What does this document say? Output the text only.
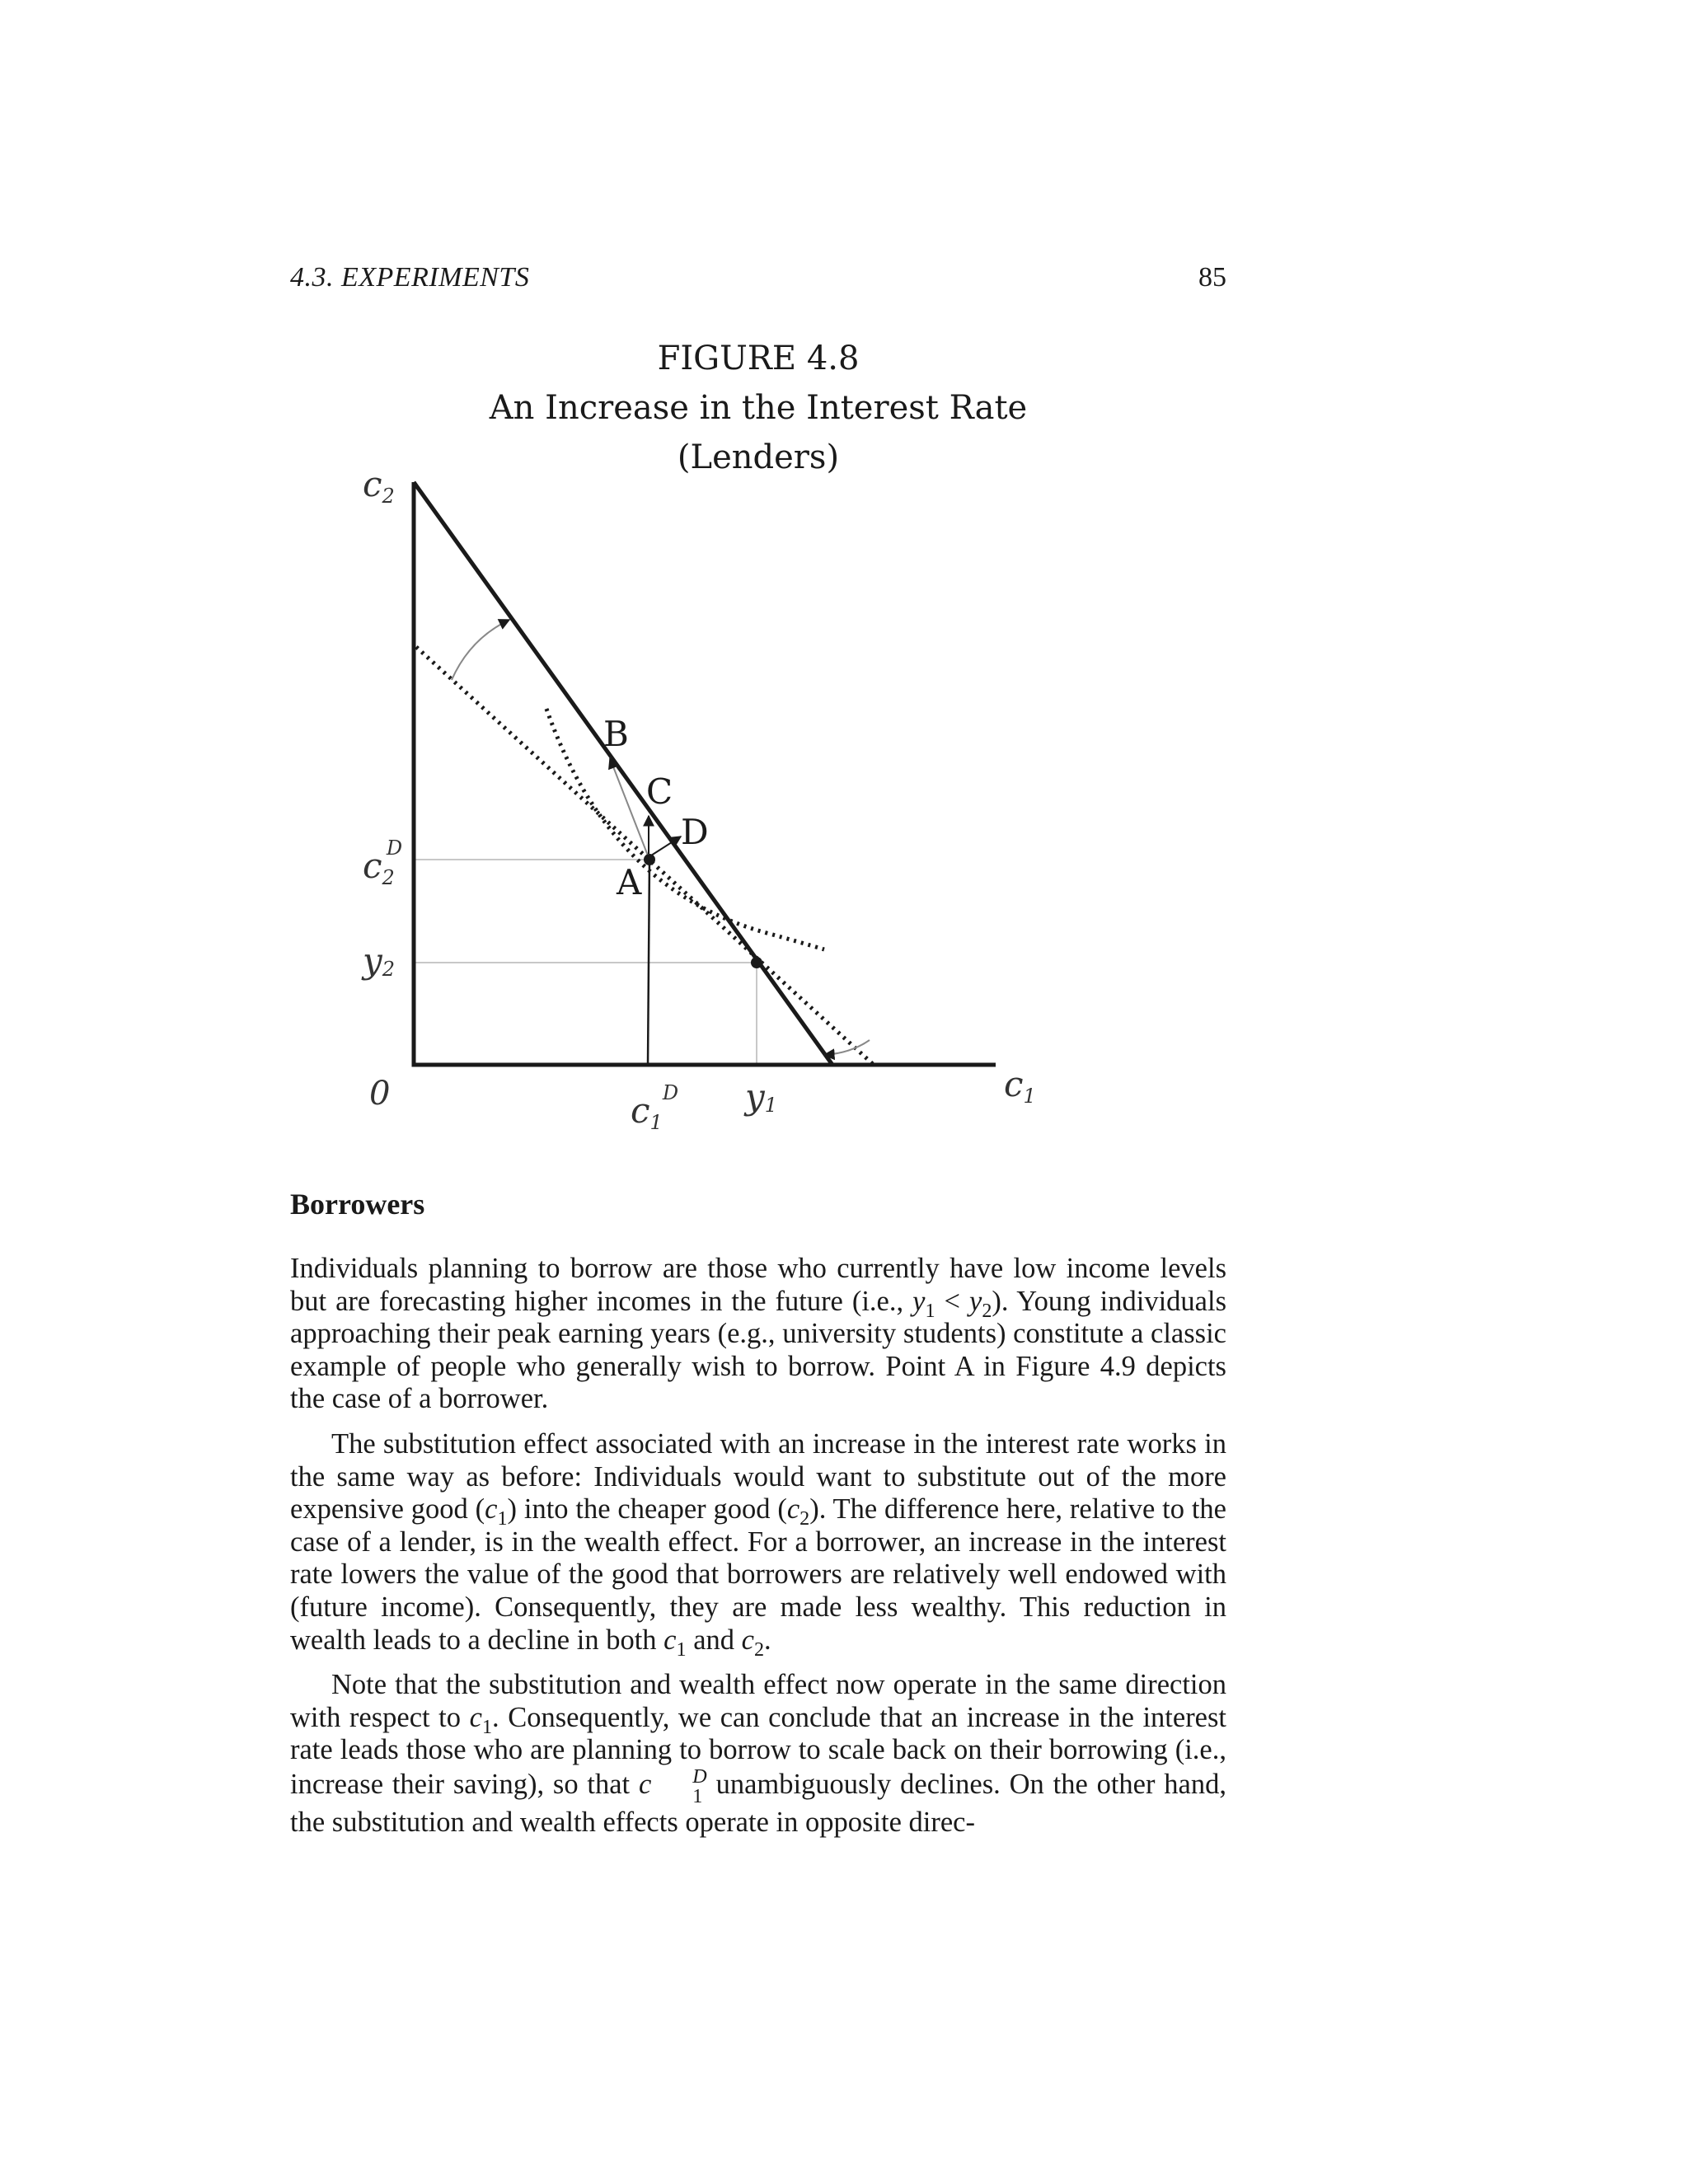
4.3. EXPERIMENTS	85
FIGURE 4.8
An Increase in the Interest Rate
(Lenders)
B
C
D
A
c2
c2D
y2
0	$c1^D$ y1
c1
Borrowers

Individuals planning to borrow are those who currently have low income levels but are forecasting higher incomes in the future (i.e., $y_1 < y_2$). Young individuals approaching their peak earning years (e.g., university students) constitute a classic example of people who generally wish to borrow. Point A in Figure 4.9 depicts the case of a borrower.

The substitution effect associated with an increase in the interest rate works in the same way as before: Individuals would want to substitute out of the more expensive good $(c_1)$ into the cheaper good $(c_2)$. The difference here, relative to the case of a lender, is in the wealth effect. For a borrower, an increase in the interest rate lowers the value of the good that borrowers are relatively well endowed with (future income). Consequently, they are made less wealthy. This reduction in wealth leads to a decline in both $c_1$ and $c_2$.

Note that the substitution and wealth effect now operate in the same direction with respect to $c_1$. Consequently, we can conclude that an increase in the interest rate leads those who are planning to borrow to scale back on their borrowing (i.e., increase their saving), so that c	D
1 unambiguously declines. On the other hand, the substitution and wealth effects operate in opposite direc-
